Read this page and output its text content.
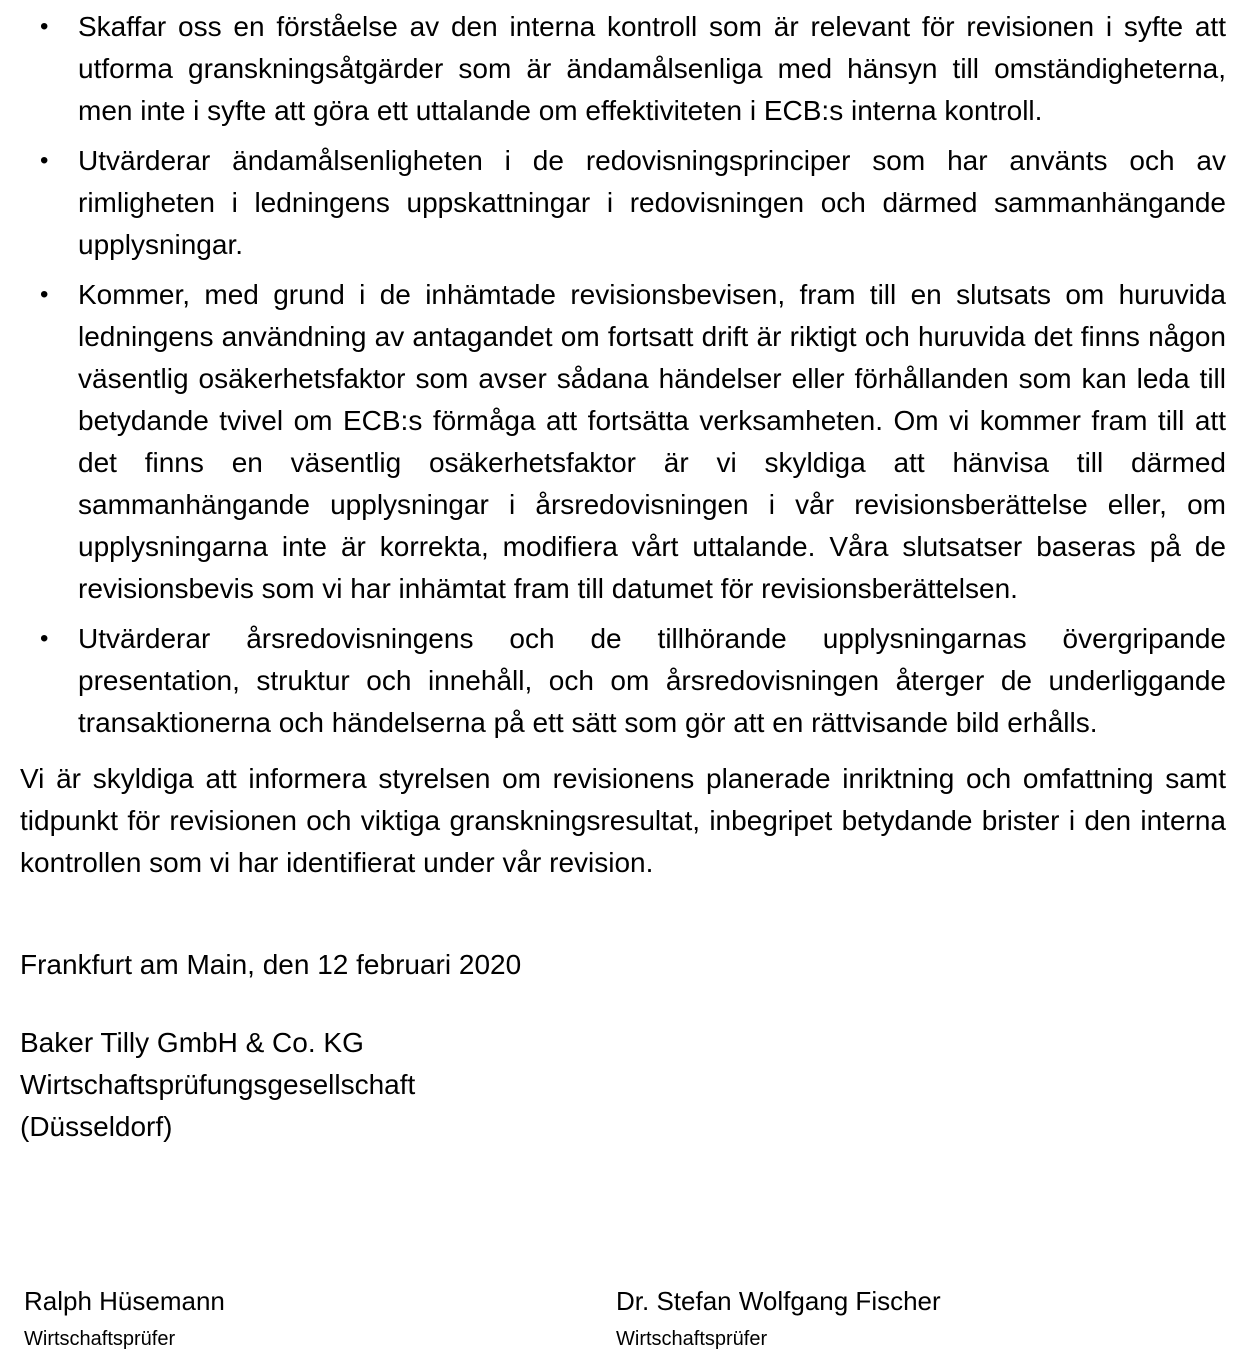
• Skaffar oss en förståelse av den interna kontroll som är relevant för revisionen i syfte att utforma granskningsåtgärder som är ändamålsenliga med hänsyn till omständigheterna, men inte i syfte att göra ett uttalande om effektiviteten i ECB:s interna kontroll.
• Utvärderar ändamålsenligheten i de redovisningsprinciper som har använts och av rimligheten i ledningens uppskattningar i redovisningen och därmed sammanhängande upplysningar.
• Kommer, med grund i de inhämtade revisionsbevisen, fram till en slutsats om huruvida ledningens användning av antagandet om fortsatt drift är riktigt och huruvida det finns någon väsentlig osäkerhetsfaktor som avser sådana händelser eller förhållanden som kan leda till betydande tvivel om ECB:s förmåga att fortsätta verksamheten. Om vi kommer fram till att det finns en väsentlig osäkerhetsfaktor är vi skyldiga att hänvisa till därmed sammanhängande upplysningar i årsredovisningen i vår revisionsberättelse eller, om upplysningarna inte är korrekta, modifiera vårt uttalande. Våra slutsatser baseras på de revisionsbevis som vi har inhämtat fram till datumet för revisionsberättelsen.
• Utvärderar årsredovisningens och de tillhörande upplysningarnas övergripande presentation, struktur och innehåll, och om årsredovisningen återger de underliggande transaktionerna och händelserna på ett sätt som gör att en rättvisande bild erhålls.

Vi är skyldiga att informera styrelsen om revisionens planerade inriktning och omfattning samt tidpunkt för revisionen och viktiga granskningsresultat, inbegripet betydande brister i den interna kontrollen som vi har identifierat under vår revision.

Frankfurt am Main, den 12 februari 2020

Baker Tilly GmbH & Co. KG
Wirtschaftsprüfungsgesellschaft
(Düsseldorf)
Ralph Hüsemann
Wirtschaftsprüfer
Dr. Stefan Wolfgang Fischer
Wirtschaftsprüfer
